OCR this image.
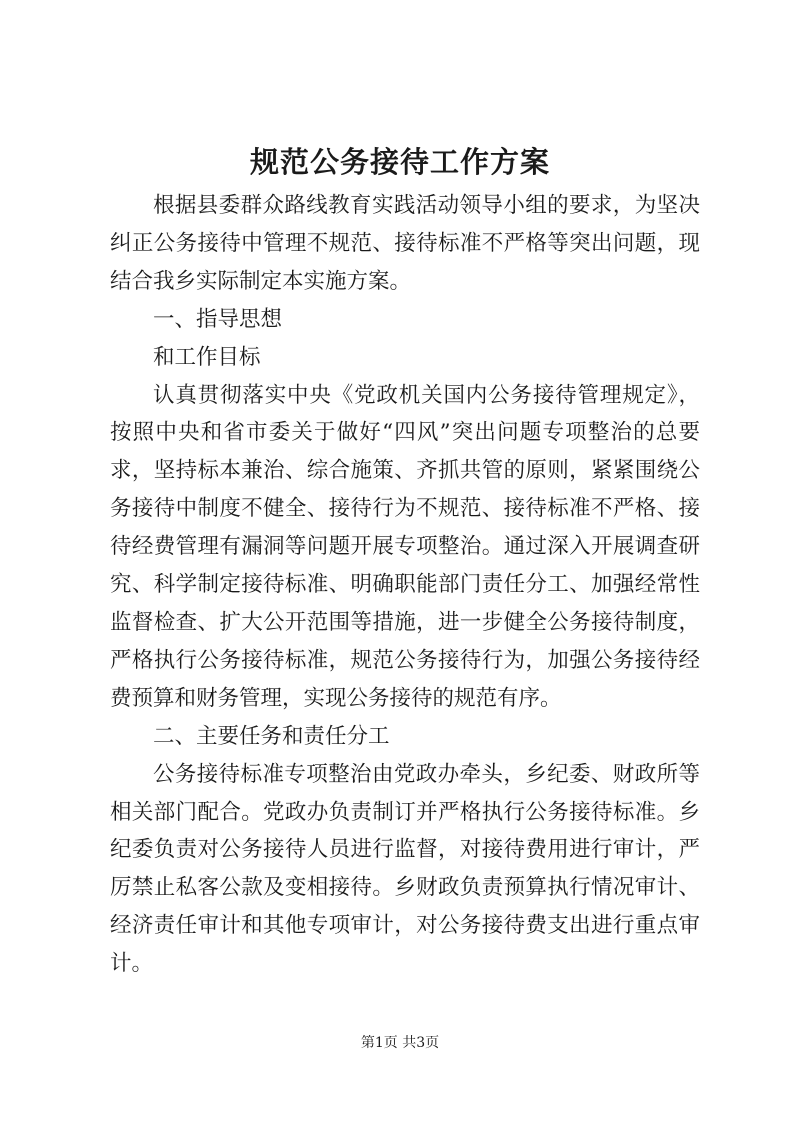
规范公务接待工作方案

根据县委群众路线教育实践活动领导小组的要求，为坚决纠正公务接待中管理不规范、接待标准不严格等突出问题，现结合我乡实际制定本实施方案。

一、指导思想

和工作目标

认真贯彻落实中央《党政机关国内公务接待管理规定》，按照中央和省市委关于做好“四风”突出问题专项整治的总要求，坚持标本兼治、综合施策、齐抓共管的原则，紧紧围绕公务接待中制度不健全、接待行为不规范、接待标准不严格、接待经费管理有漏洞等问题开展专项整治。通过深入开展调查研究、科学制定接待标准、明确职能部门责任分工、加强经常性监督检查、扩大公开范围等措施，进一步健全公务接待制度，严格执行公务接待标准，规范公务接待行为，加强公务接待经费预算和财务管理，实现公务接待的规范有序。

二、主要任务和责任分工

公务接待标准专项整治由党政办牵头，乡纪委、财政所等相关部门配合。党政办负责制订并严格执行公务接待标准。乡纪委负责对公务接待人员进行监督，对接待费用进行审计，严厉禁止私客公款及变相接待。乡财政负责预算执行情况审计、经济责任审计和其他专项审计，对公务接待费支出进行重点审计。

第1页 共3页
